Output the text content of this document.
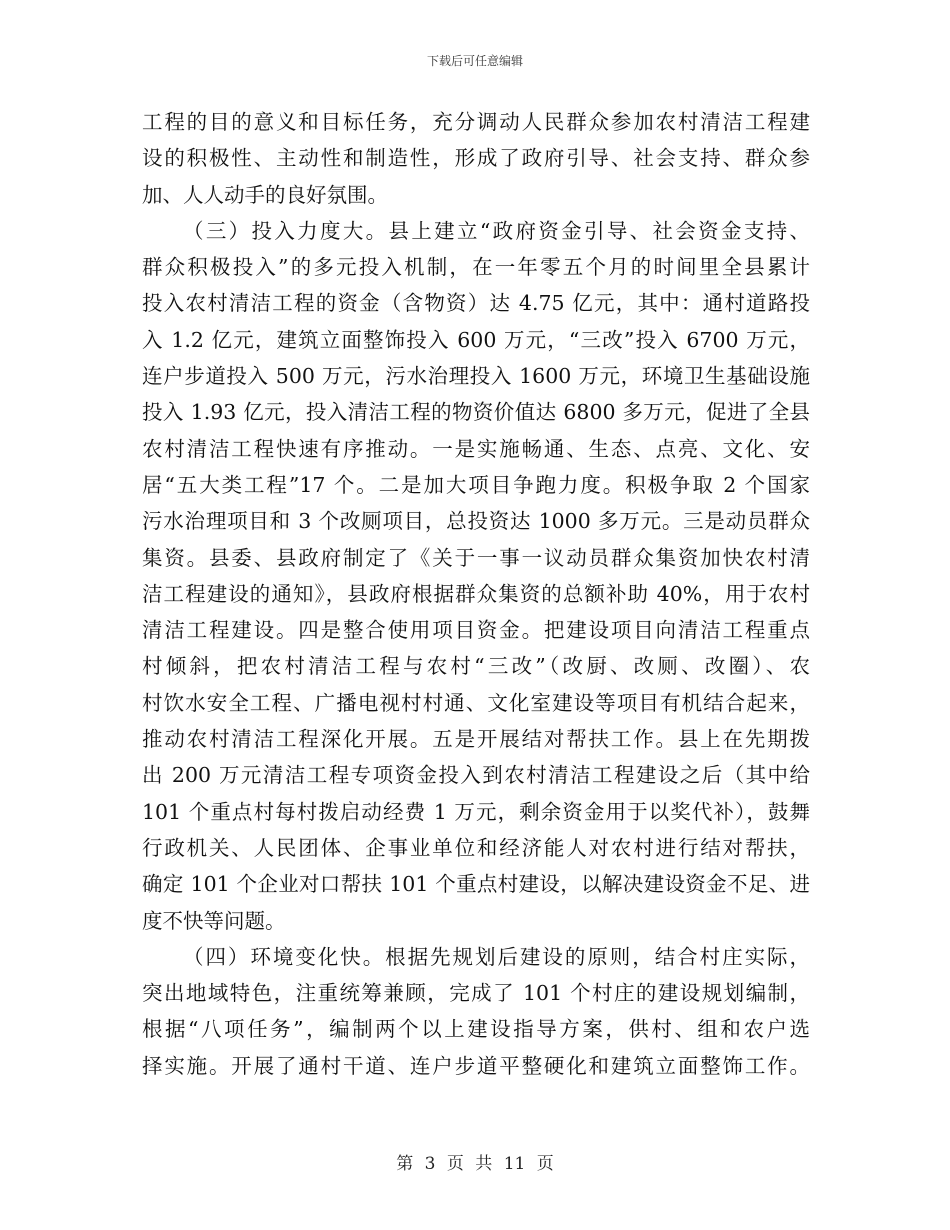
下载后可任意编辑
工程的目的意义和目标任务，充分调动人民群众参加农村清洁工程建
设的积极性、主动性和制造性，形成了政府引导、社会支持、群众参
加、人人动手的良好氛围。
（三）投入力度大。县上建立“政府资金引导、社会资金支持、
群众积极投入”的多元投入机制，在一年零五个月的时间里全县累计
投入农村清洁工程的资金（含物资）达 4.75 亿元，其中：通村道路投
入 1.2 亿元，建筑立面整饰投入 600 万元，“三改”投入 6700 万元，
连户步道投入 500 万元，污水治理投入 1600 万元，环境卫生基础设施
投入 1.93 亿元，投入清洁工程的物资价值达 6800 多万元，促进了全县
农村清洁工程快速有序推动。一是实施畅通、生态、点亮、文化、安
居“五大类工程”17 个。二是加大项目争跑力度。积极争取 2 个国家
污水治理项目和 3 个改厕项目，总投资达 1000 多万元。三是动员群众
集资。县委、县政府制定了《关于一事一议动员群众集资加快农村清
洁工程建设的通知》，县政府根据群众集资的总额补助 40%，用于农村
清洁工程建设。四是整合使用项目资金。把建设项目向清洁工程重点
村倾斜，把农村清洁工程与农村“三改”（改厨、改厕、改圈）、农
村饮水安全工程、广播电视村村通、文化室建设等项目有机结合起来，
推动农村清洁工程深化开展。五是开展结对帮扶工作。县上在先期拨
出 200 万元清洁工程专项资金投入到农村清洁工程建设之后（其中给
101 个重点村每村拨启动经费 1 万元，剩余资金用于以奖代补），鼓舞
行政机关、人民团体、企事业单位和经济能人对农村进行结对帮扶，
确定 101 个企业对口帮扶 101 个重点村建设，以解决建设资金不足、进
度不快等问题。
（四）环境变化快。根据先规划后建设的原则，结合村庄实际，
突出地域特色，注重统筹兼顾，完成了 101 个村庄的建设规划编制，
根据“八项任务”，编制两个以上建设指导方案，供村、组和农户选
择实施。开展了通村干道、连户步道平整硬化和建筑立面整饰工作。
第 3 页 共 11 页
